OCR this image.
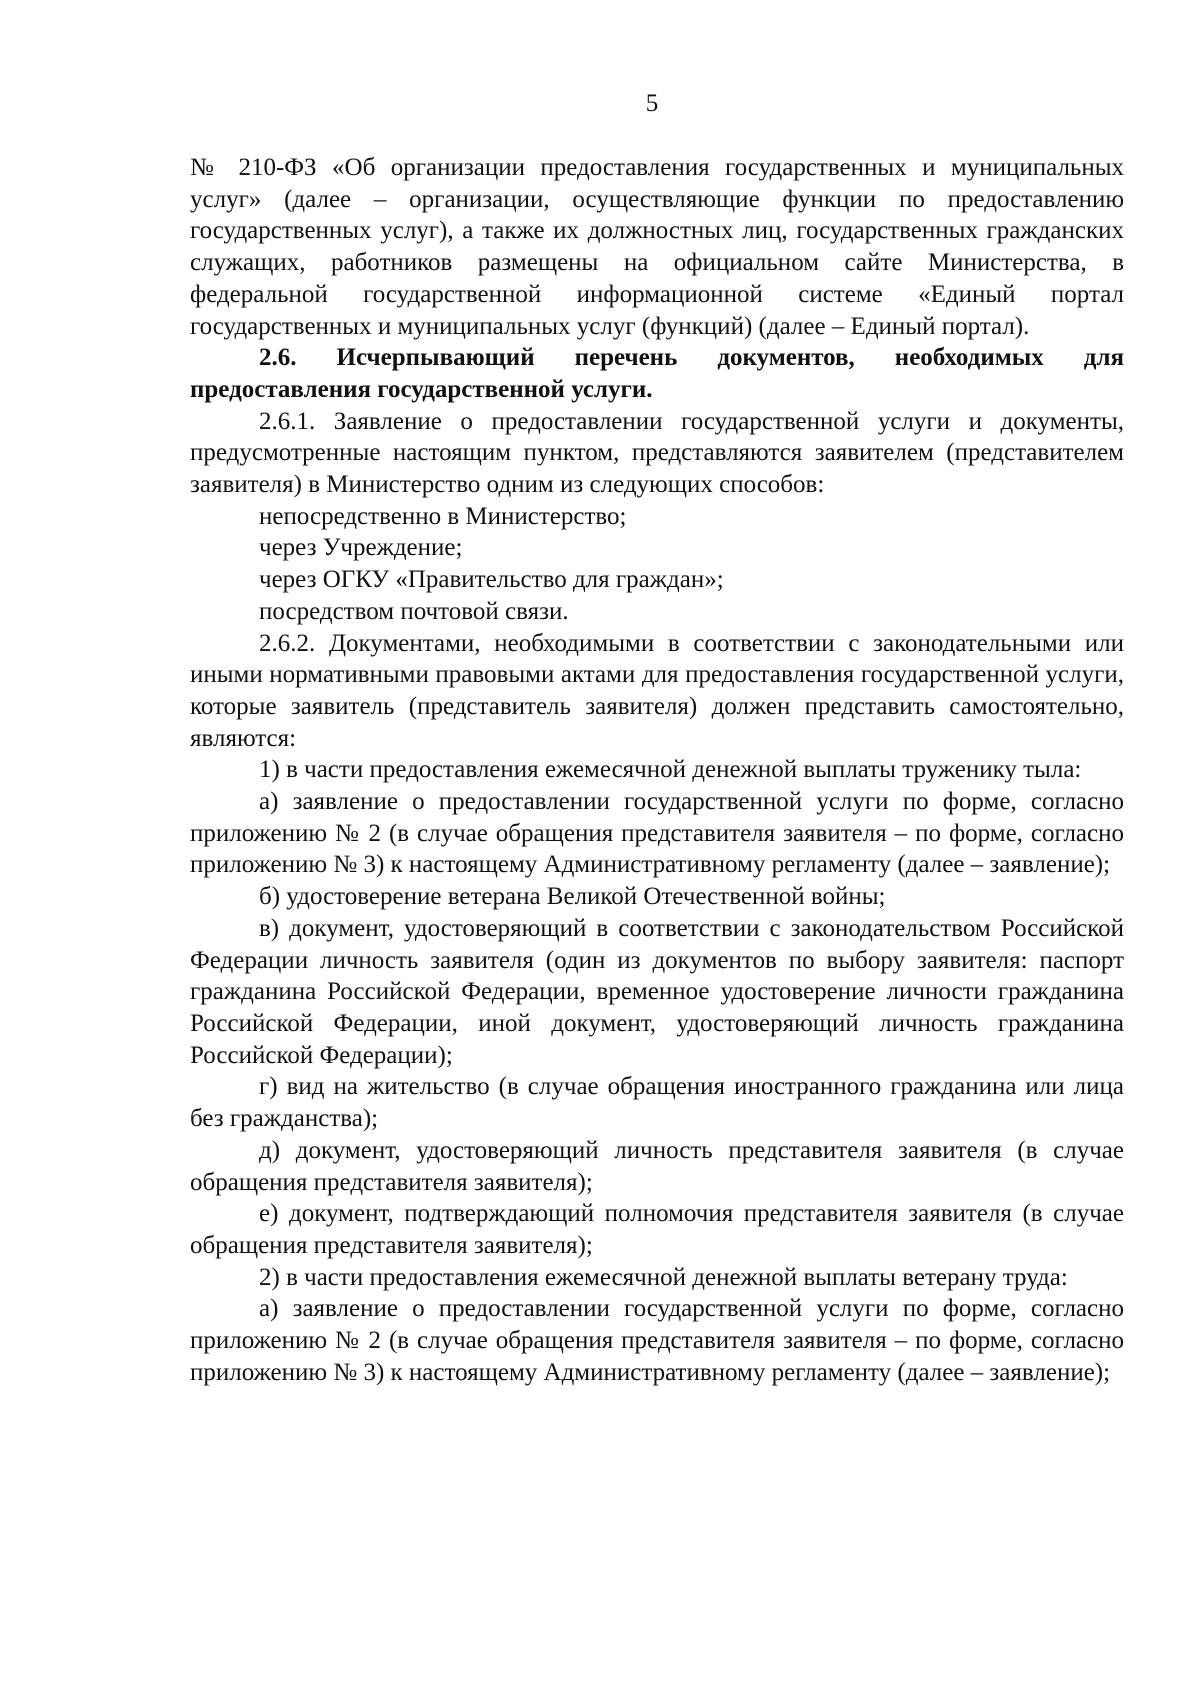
5

№ 210-ФЗ «Об организации предоставления государственных и муниципальных услуг» (далее – организации, осуществляющие функции по предоставлению государственных услуг), а также их должностных лиц, государственных гражданских служащих, работников размещены на официальном сайте Министерства, в федеральной государственной информационной системе «Единый портал государственных и муниципальных услуг (функций) (далее – Единый портал).

2.6. Исчерпывающий перечень документов, необходимых для предоставления государственной услуги.

2.6.1. Заявление о предоставлении государственной услуги и документы, предусмотренные настоящим пунктом, представляются заявителем (представителем заявителя) в Министерство одним из следующих способов:

непосредственно в Министерство;

через Учреждение;

через ОГКУ «Правительство для граждан»;

посредством почтовой связи.

2.6.2. Документами, необходимыми в соответствии с законодательными или иными нормативными правовыми актами для предоставления государственной услуги, которые заявитель (представитель заявителя) должен представить самостоятельно, являются:

1) в части предоставления ежемесячной денежной выплаты труженику тыла:

а) заявление о предоставлении государственной услуги по форме, согласно приложению № 2 (в случае обращения представителя заявителя – по форме, согласно приложению № 3) к настоящему Административному регламенту (далее – заявление);

б) удостоверение ветерана Великой Отечественной войны;

в) документ, удостоверяющий в соответствии с законодательством Российской Федерации личность заявителя (один из документов по выбору заявителя: паспорт гражданина Российской Федерации, временное удостоверение личности гражданина Российской Федерации, иной документ, удостоверяющий личность гражданина Российской Федерации);

г) вид на жительство (в случае обращения иностранного гражданина или лица без гражданства);

д) документ, удостоверяющий личность представителя заявителя (в случае обращения представителя заявителя);

е) документ, подтверждающий полномочия представителя заявителя (в случае обращения представителя заявителя);

2) в части предоставления ежемесячной денежной выплаты ветерану труда:

а) заявление о предоставлении государственной услуги по форме, согласно приложению № 2 (в случае обращения представителя заявителя – по форме, согласно приложению № 3) к настоящему Административному регламенту (далее – заявление);
